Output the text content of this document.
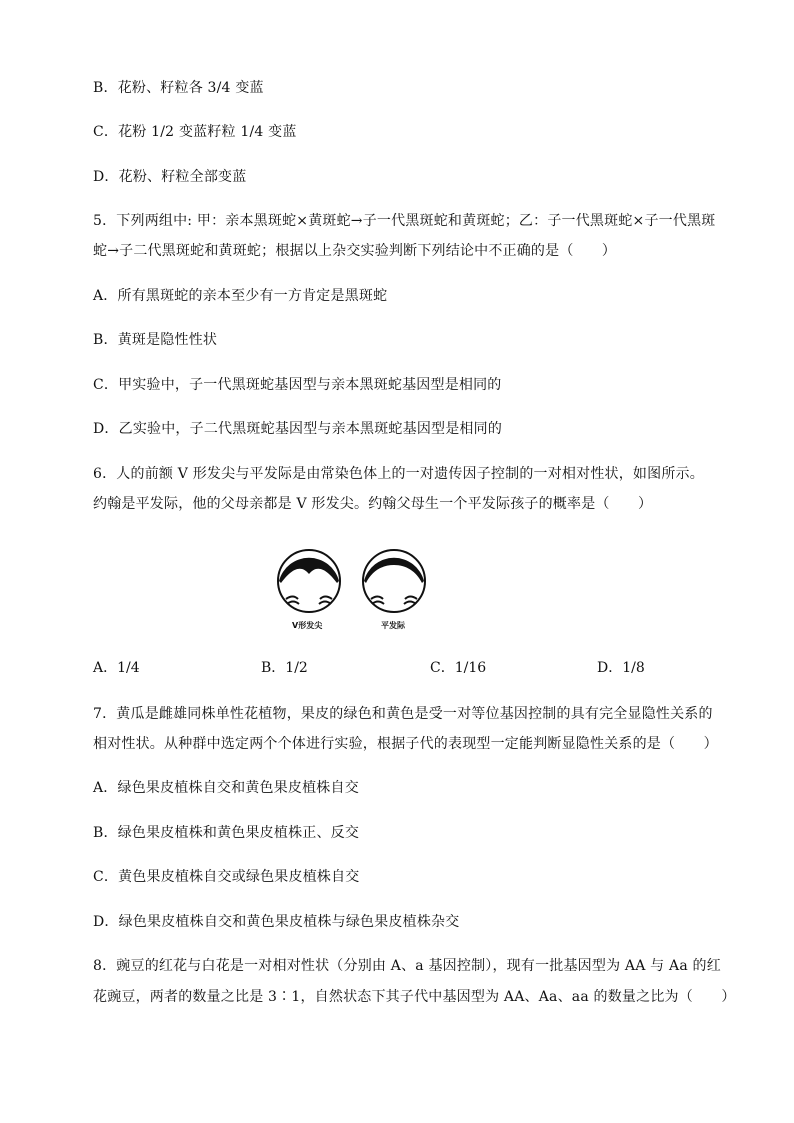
B．花粉、籽粒各 3/4 变蓝
C．花粉 1/2 变蓝籽粒 1/4 变蓝
D．花粉、籽粒全部变蓝
5．下列两组中: 甲：亲本黑斑蛇×黄斑蛇→子一代黑斑蛇和黄斑蛇；乙：子一代黑斑蛇×子一代黑斑
蛇→子二代黑斑蛇和黄斑蛇；根据以上杂交实验判断下列结论中不正确的是（　　）
A．所有黑斑蛇的亲本至少有一方肯定是黑斑蛇
B．黄斑是隐性性状
C．甲实验中，子一代黑斑蛇基因型与亲本黑斑蛇基因型是相同的
D．乙实验中，子二代黑斑蛇基因型与亲本黑斑蛇基因型是相同的
6．人的前额 V 形发尖与平发际是由常染色体上的一对遗传因子控制的一对相对性状，如图所示。
约翰是平发际，他的父母亲都是 V 形发尖。约翰父母生一个平发际孩子的概率是（　　）
V形发尖	平发际
A．1/4	B．1/2	C．1/16	D．1/8
7．黄瓜是雌雄同株单性花植物，果皮的绿色和黄色是受一对等位基因控制的具有完全显隐性关系的
相对性状。从种群中选定两个个体进行实验，根据子代的表现型一定能判断显隐性关系的是（　　）
A．绿色果皮植株自交和黄色果皮植株自交
B．绿色果皮植株和黄色果皮植株正、反交
C．黄色果皮植株自交或绿色果皮植株自交
D．绿色果皮植株自交和黄色果皮植株与绿色果皮植株杂交
8．豌豆的红花与白花是一对相对性状（分别由 A、a 基因控制），现有一批基因型为 AA 与 Aa 的红
花豌豆，两者的数量之比是 3∶1，自然状态下其子代中基因型为 AA、Aa、aa 的数量之比为（　　）
